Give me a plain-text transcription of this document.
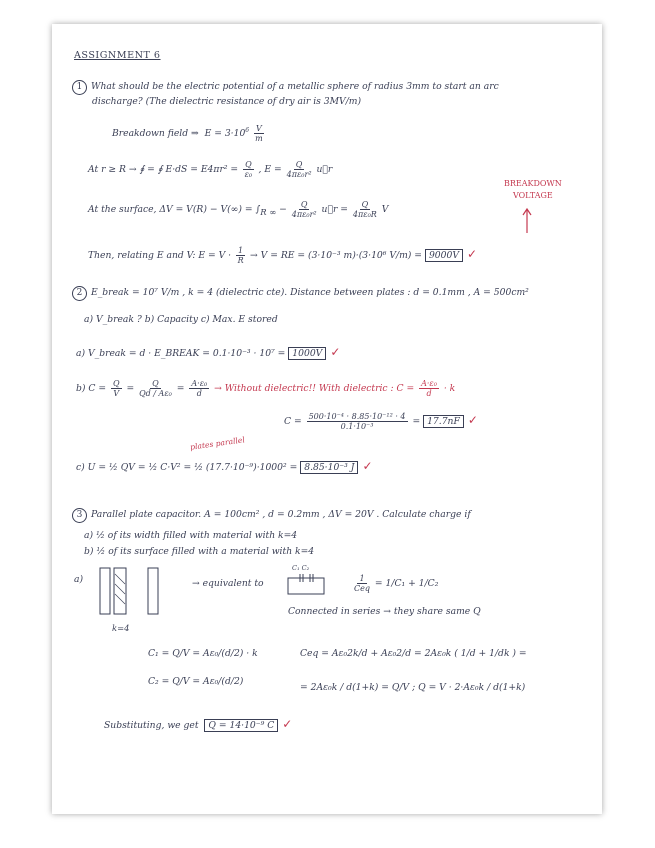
ASSIGNMENT 6
1 What should be the electric potential of a metallic sphere of radius 3mm to start an arc
discharge? (The dielectric resistance of dry air is 3MV/m)
Breakdown field ⇒ $E = 3\cdot 10^6 \frac{V}{m}$
At r ≥ R → ∮ = ∮ $E\cdot dS = E4\pi r^2 = \frac{Q}{\text{ε₀}}$ , $E = \frac{Q}{\text{4πε₀r²}}$ u⃗r
At the surface, $\Delta V = V(R) - V(\infty) = \int_{R \infty} - \frac{Q}{\text{4πε₀r²}}$ u⃗r = $\frac{Q}{\text{4πε₀R}}$ V
BREAKDOWN
VOLTAGE
Then, relating E and V: $E = V \cdot \frac{1}{R} \to V$ = RE = (3·10⁻³ m)·(3·10⁶ V/m) = 9000V ✓
2 E_break = 10⁷ V/m , k = 4 (dielectric cte). Distance between plates : d = 0.1mm , A = 500cm²
a) V_break ? b) Capacity c) Max. E stored
a) V_break = d · E_BREAK = 0.1·10⁻³ · 10⁷ = 1000V ✓
b) $C = \frac{Q}{V} = \frac{Q}{\text{Qd / Aε₀}} = \frac{\text{A·ε₀}}{d}$ → Without dielectric!! With dielectric : $C = \frac{\text{A·ε₀}}{d} \cdot k$
$C = \frac{\text{500·10⁻⁴ · 8.85·10⁻¹² · 4}}{\text{0.1·10⁻³}} = 17.7nF$ ✓
plates parallel
c) U = ½ QV = ½ C·V² = ½ (17.7·10⁻⁹)·1000² = 8.85·10⁻³ J ✓
3 Parallel plate capacitor. A = 100cm² , d = 0.2mm , ΔV = 20V . Calculate charge if
a) ½ of its width filled with material with k=4
b) ½ of its surface filled with a material with k=4
a)
k=4
→ equivalent to
C₁ C₂
$\frac{1}{\text{Ceq}} = 1/C_1 + 1/C_2$
Connected in series → they share same Q
C₁ = Q/V = Aε₀/(d/2) · k
C₂ = Q/V = Aε₀/(d/2)
Ceq = Aε₀2k/d + Aε₀2/d = 2Aε₀k ( 1/d + 1/dk ) =
= 2Aε₀k / d(1+k) = Q/V ; Q = V · 2·Aε₀k / d(1+k)
Substituting, we get Q = 14·10⁻⁹ C ✓
